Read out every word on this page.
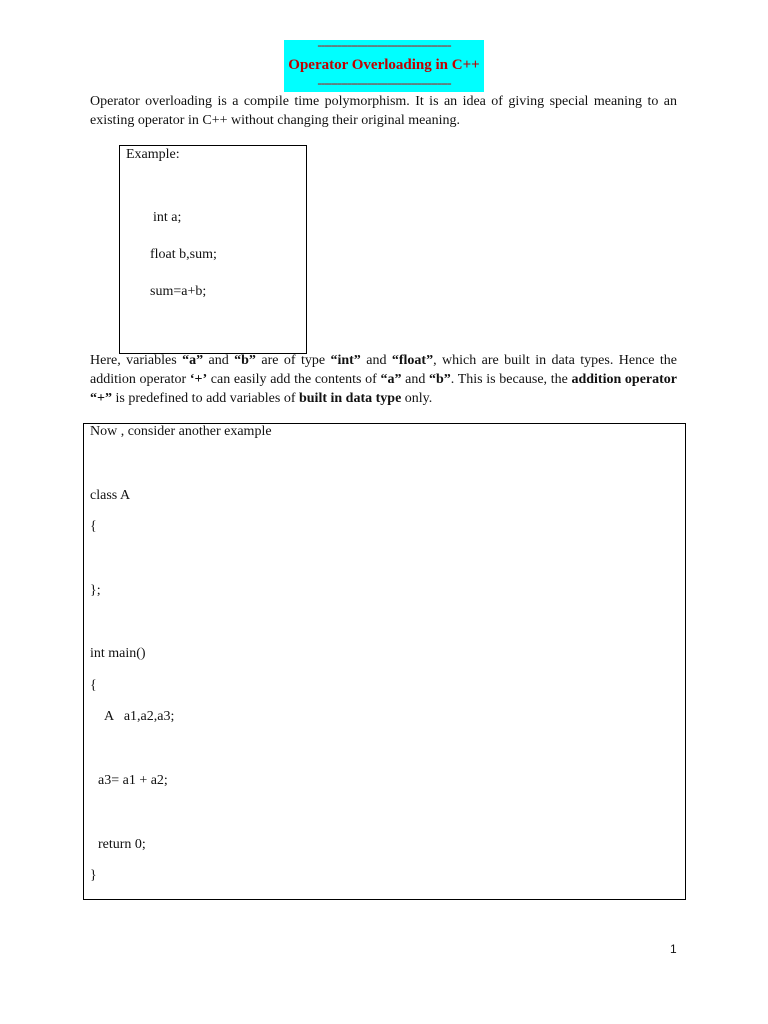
----------------------------------------
Operator Overloading in C++
----------------------------------------

Operator overloading is a compile time polymorphism. It is an idea of giving special meaning to an
existing operator in C++ without changing their original meaning.

Example:
int a;
float b,sum;
sum=a+b;

Here, variables “a” and “b” are of type “int” and “float”, which are built in data types. Hence the
addition operator ‘+’ can easily add the contents of “a” and “b”. This is because, the addition operator
“+” is predefined to add variables of built in data type only.

Now , consider another example
class A
{
};
int main()
{
A   a1,a2,a3;
a3= a1 + a2;
return 0;
}
1
